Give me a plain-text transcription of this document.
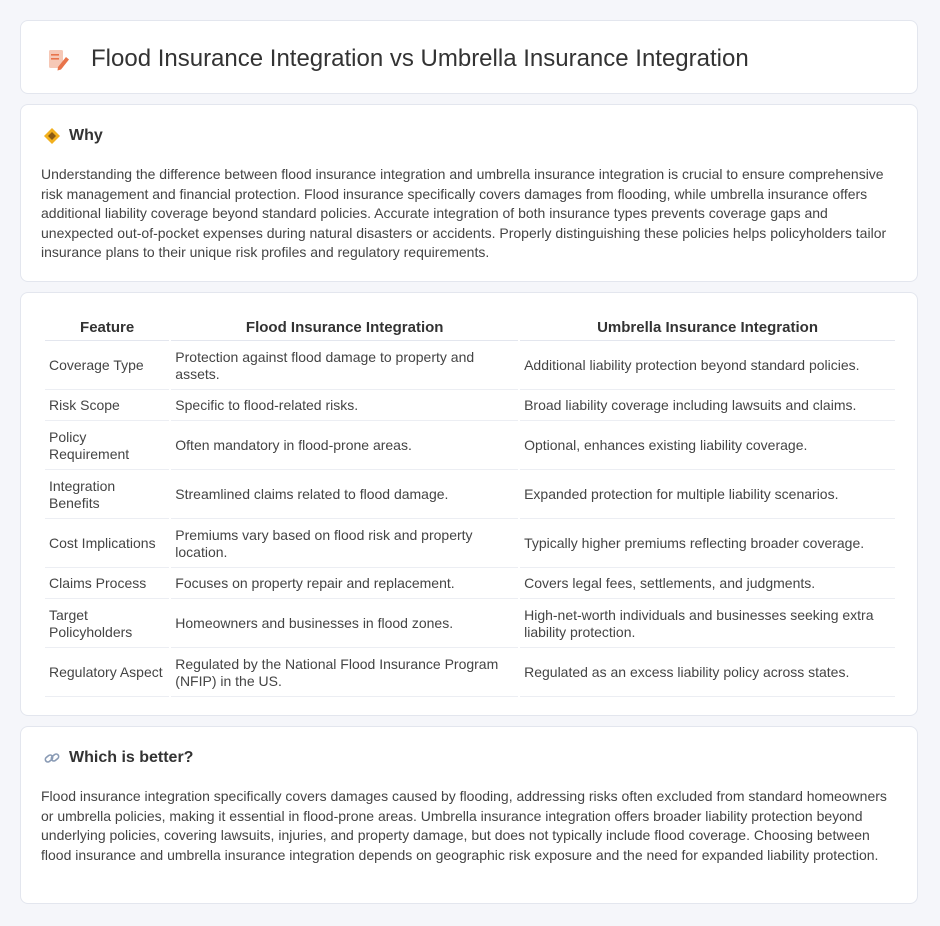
Flood Insurance Integration vs Umbrella Insurance Integration
Why

Understanding the difference between flood insurance integration and umbrella insurance integration is crucial to ensure comprehensive risk management and financial protection. Flood insurance specifically covers damages from flooding, while umbrella insurance offers additional liability coverage beyond standard policies. Accurate integration of both insurance types prevents coverage gaps and unexpected out-of-pocket expenses during natural disasters or accidents. Properly distinguishing these policies helps policyholders tailor insurance plans to their unique risk profiles and regulatory requirements.

Feature	Flood Insurance Integration	Umbrella Insurance Integration
Coverage Type	Protection against flood damage to property and assets.	Additional liability protection beyond standard policies.
Risk Scope	Specific to flood-related risks.	Broad liability coverage including lawsuits and claims.
Policy Requirement	Often mandatory in flood-prone areas.	Optional, enhances existing liability coverage.
Integration Benefits	Streamlined claims related to flood damage.	Expanded protection for multiple liability scenarios.
Cost Implications	Premiums vary based on flood risk and property location.	Typically higher premiums reflecting broader coverage.
Claims Process	Focuses on property repair and replacement.	Covers legal fees, settlements, and judgments.
Target Policyholders	Homeowners and businesses in flood zones.	High-net-worth individuals and businesses seeking extra liability protection.
Regulatory Aspect	Regulated by the National Flood Insurance Program (NFIP) in the US.	Regulated as an excess liability policy across states.
Which is better?

Flood insurance integration specifically covers damages caused by flooding, addressing risks often excluded from standard homeowners or umbrella policies, making it essential in flood-prone areas. Umbrella insurance integration offers broader liability protection beyond underlying policies, covering lawsuits, injuries, and property damage, but does not typically include flood coverage. Choosing between flood insurance and umbrella insurance integration depends on geographic risk exposure and the need for expanded liability protection.
